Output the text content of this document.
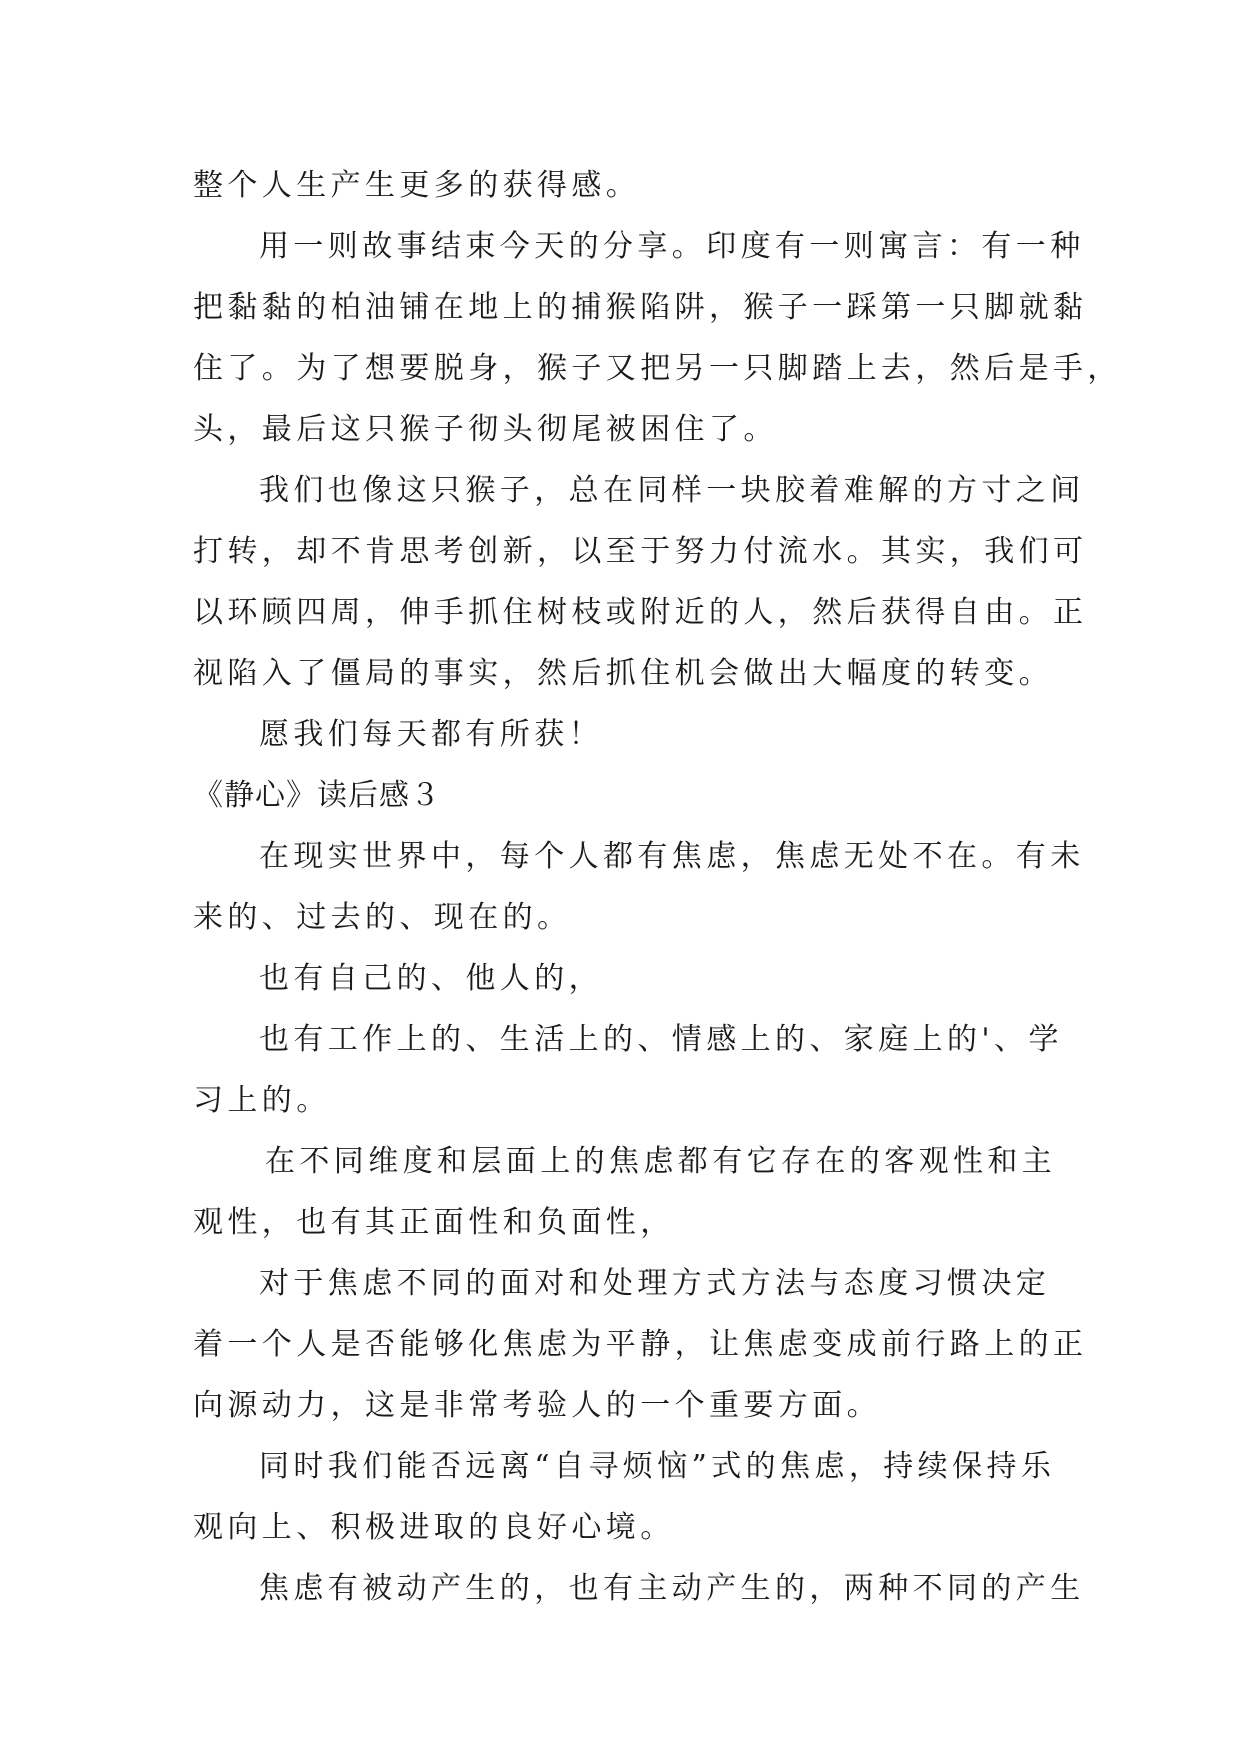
整个人生产生更多的获得感。
用一则故事结束今天的分享。印度有一则寓言：有一种
把黏黏的柏油铺在地上的捕猴陷阱，猴子一踩第一只脚就黏
住了。为了想要脱身，猴子又把另一只脚踏上去，然后是手，
头，最后这只猴子彻头彻尾被困住了。
我们也像这只猴子，总在同样一块胶着难解的方寸之间
打转，却不肯思考创新，以至于努力付流水。其实，我们可
以环顾四周，伸手抓住树枝或附近的人，然后获得自由。正
视陷入了僵局的事实，然后抓住机会做出大幅度的转变。
愿我们每天都有所获！
《静心》读后感３
在现实世界中，每个人都有焦虑，焦虑无处不在。有未
来的、过去的、现在的。
也有自己的、他人的，
也有工作上的、生活上的、情感上的、家庭上的'、学
习上的。
在不同维度和层面上的焦虑都有它存在的客观性和主
观性，也有其正面性和负面性，
对于焦虑不同的面对和处理方式方法与态度习惯决定
着一个人是否能够化焦虑为平静，让焦虑变成前行路上的正
向源动力，这是非常考验人的一个重要方面。
同时我们能否远离“自寻烦恼”式的焦虑，持续保持乐
观向上、积极进取的良好心境。
焦虑有被动产生的，也有主动产生的，两种不同的产生
